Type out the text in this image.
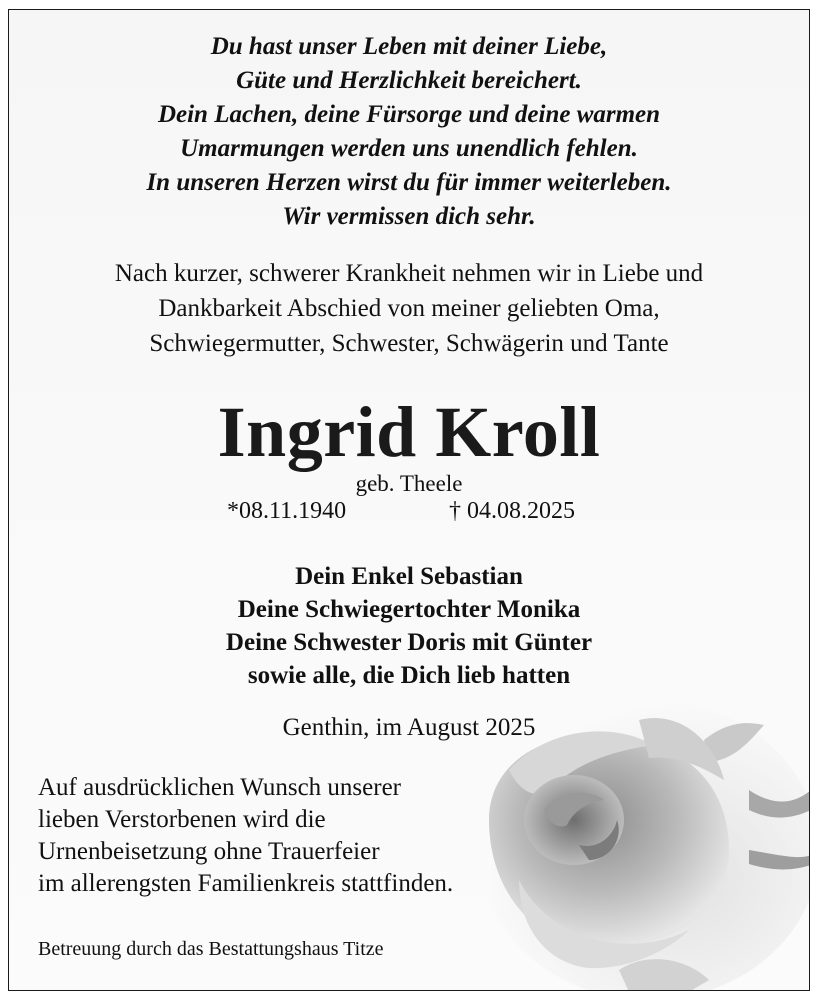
Du hast unser Leben mit deiner Liebe,
Güte und Herzlichkeit bereichert.
Dein Lachen, deine Fürsorge und deine warmen
Umarmungen werden uns unendlich fehlen.
In unseren Herzen wirst du für immer weiterleben.
Wir vermissen dich sehr.
Nach kurzer, schwerer Krankheit nehmen wir in Liebe und
Dankbarkeit Abschied von meiner geliebten Oma,
Schwiegermutter, Schwester, Schwägerin und Tante
Ingrid Kroll
geb. Theele
*08.11.1940	† 04.08.2025
Dein Enkel Sebastian
Deine Schwiegertochter Monika
Deine Schwester Doris mit Günter
sowie alle, die Dich lieb hatten
Genthin, im August 2025
Auf ausdrücklichen Wunsch unserer
lieben Verstorbenen wird die
Urnenbeisetzung ohne Trauerfeier
im allerengsten Familienkreis stattfinden.
Betreuung durch das Bestattungshaus Titze
